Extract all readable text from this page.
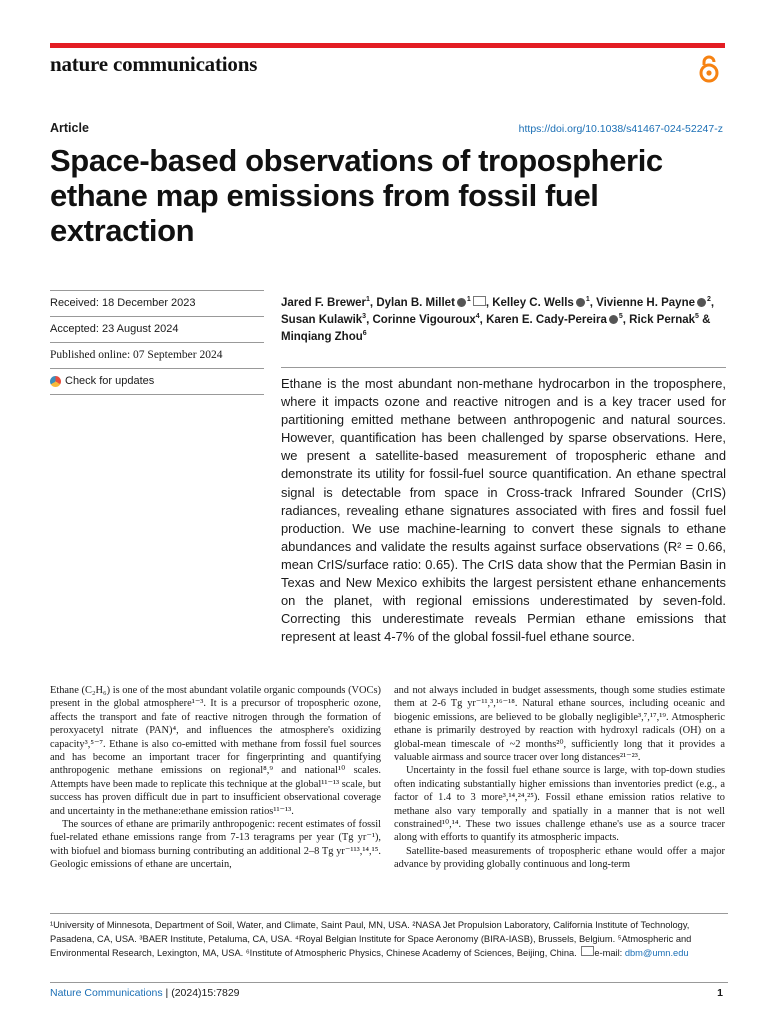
nature communications
Article	https://doi.org/10.1038/s41467-024-52247-z
Space-based observations of tropospheric ethane map emissions from fossil fuel extraction
Received: 18 December 2023
Accepted: 23 August 2024
Published online: 07 September 2024
Check for updates
Jared F. Brewer$^1$, Dylan B. Millet $^1$ , Kelley C. Wells $^1$, Vivienne H. Payne $^2$, Susan Kulawik$^3$, Corinne Vigouroux$^4$, Karen E. Cady-Pereira $^5$, Rick Pernak$^5$ & Minqiang Zhou$^6$

Ethane is the most abundant non-methane hydrocarbon in the troposphere, where it impacts ozone and reactive nitrogen and is a key tracer used for partitioning emitted methane between anthropogenic and natural sources. However, quantification has been challenged by sparse observations. Here, we present a satellite-based measurement of tropospheric ethane and demonstrate its utility for fossil-fuel source quantification. An ethane spectral signal is detectable from space in Cross-track Infrared Sounder (CrIS) radiances, revealing ethane signatures associated with fires and fossil fuel production. We use machine-learning to convert these signals to ethane abundances and validate the results against surface observations (R² = 0.66, mean CrIS/surface ratio: 0.65). The CrIS data show that the Permian Basin in Texas and New Mexico exhibits the largest persistent ethane enhancements on the planet, with regional emissions underestimated by seven-fold. Correcting this underestimate reveals Permian ethane emissions that represent at least 4-7% of the global fossil-fuel ethane source.

Ethane (C₂H₆) is one of the most abundant volatile organic compounds (VOCs) present in the global atmosphere¹⁻³. It is a precursor of tropospheric ozone, affects the transport and fate of reactive nitrogen through the formation of peroxyacetyl nitrate (PAN)⁴, and influences the atmosphere's oxidizing capacity³,⁵⁻⁷. Ethane is also co-emitted with methane from fossil fuel sources and has become an important tracer for fingerprinting and quantifying anthropogenic methane emissions on regional⁸,⁹ and national¹⁰ scales. Attempts have been made to replicate this technique at the global¹¹⁻¹³ scale, but success has proven difficult due in part to insufficient observational coverage and uncertainty in the methane:ethane emission ratios¹¹⁻¹³.

The sources of ethane are primarily anthropogenic: recent estimates of fossil fuel-related ethane emissions range from 7-13 teragrams per year (Tg yr⁻¹), with biofuel and biomass burning contributing an additional 2–8 Tg yr⁻¹¹³,¹⁴,¹⁵. Geologic emissions of ethane are uncertain,

and not always included in budget assessments, though some studies estimate them at 2-6 Tg yr⁻¹¹,³,¹⁶⁻¹⁸. Natural ethane sources, including oceanic and biogenic emissions, are believed to be globally negligible³,⁷,¹⁷,¹⁹. Atmospheric ethane is primarily destroyed by reaction with hydroxyl radicals (OH) on a global-mean timescale of ~2 months²⁰, sufficiently long that it provides a valuable airmass and source tracer over long distances²¹⁻²³.

Uncertainty in the fossil fuel ethane source is large, with top-down studies often indicating substantially higher emissions than inventories predict (e.g., a factor of 1.4 to 3 more³,¹⁴,²⁴,²⁵). Fossil ethane emission ratios relative to methane also vary temporally and spatially in a manner that is not well constrained¹⁰,¹⁴. These two issues challenge ethane's use as a source tracer along with efforts to quantify its atmospheric impacts.

Satellite-based measurements of tropospheric ethane would offer a major advance by providing globally continuous and long-term

¹University of Minnesota, Department of Soil, Water, and Climate, Saint Paul, MN, USA. ²NASA Jet Propulsion Laboratory, California Institute of Technology, Pasadena, CA, USA. ³BAER Institute, Petaluma, CA, USA. ⁴Royal Belgian Institute for Space Aeronomy (BIRA-IASB), Brussels, Belgium. ⁵Atmospheric and Environmental Research, Lexington, MA, USA. ⁶Institute of Atmospheric Physics, Chinese Academy of Sciences, Beijing, China. e-mail: dbm@umn.edu

Nature Communications | (2024)15:7829	1
